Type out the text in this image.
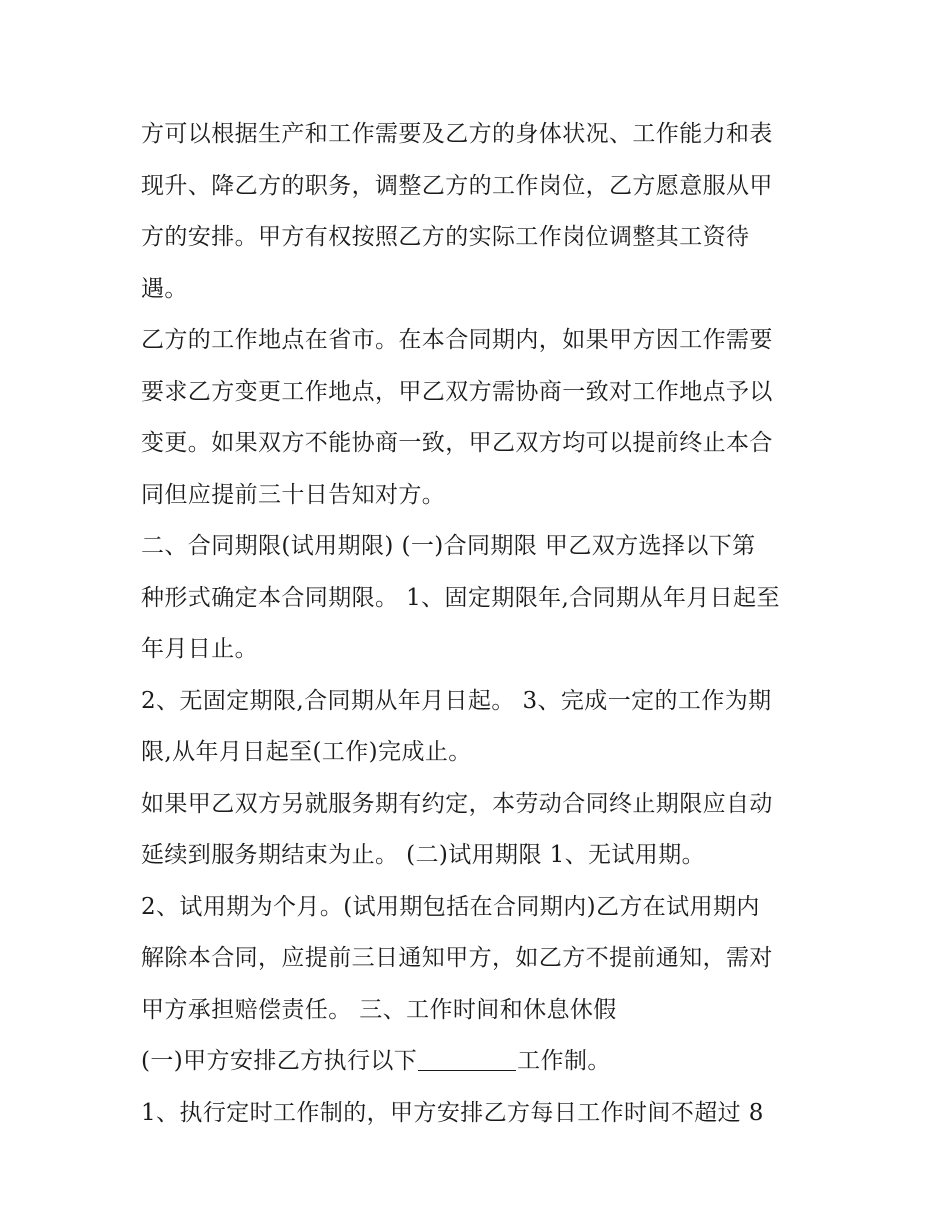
方可以根据生产和工作需要及乙方的身体状况、工作能力和表
现升、降乙方的职务，调整乙方的工作岗位，乙方愿意服从甲
方的安排。甲方有权按照乙方的实际工作岗位调整其工资待
遇。
乙方的工作地点在省市。在本合同期内，如果甲方因工作需要
要求乙方变更工作地点，甲乙双方需协商一致对工作地点予以
变更。如果双方不能协商一致，甲乙双方均可以提前终止本合
同但应提前三十日告知对方。
二、合同期限(试用期限) (一)合同期限 甲乙双方选择以下第
种形式确定本合同期限。 1、固定期限年,合同期从年月日起至
年月日止。
2、无固定期限,合同期从年月日起。 3、完成一定的工作为期
限,从年月日起至(工作)完成止。
如果甲乙双方另就服务期有约定，本劳动合同终止期限应自动
延续到服务期结束为止。 (二)试用期限 1、无试用期。
2、试用期为个月。(试用期包括在合同期内)乙方在试用期内
解除本合同，应提前三日通知甲方，如乙方不提前通知，需对
甲方承担赔偿责任。 三、工作时间和休息休假
(一)甲方安排乙方执行以下	工作制。
1、执行定时工作制的，甲方安排乙方每日工作时间不超过 8
